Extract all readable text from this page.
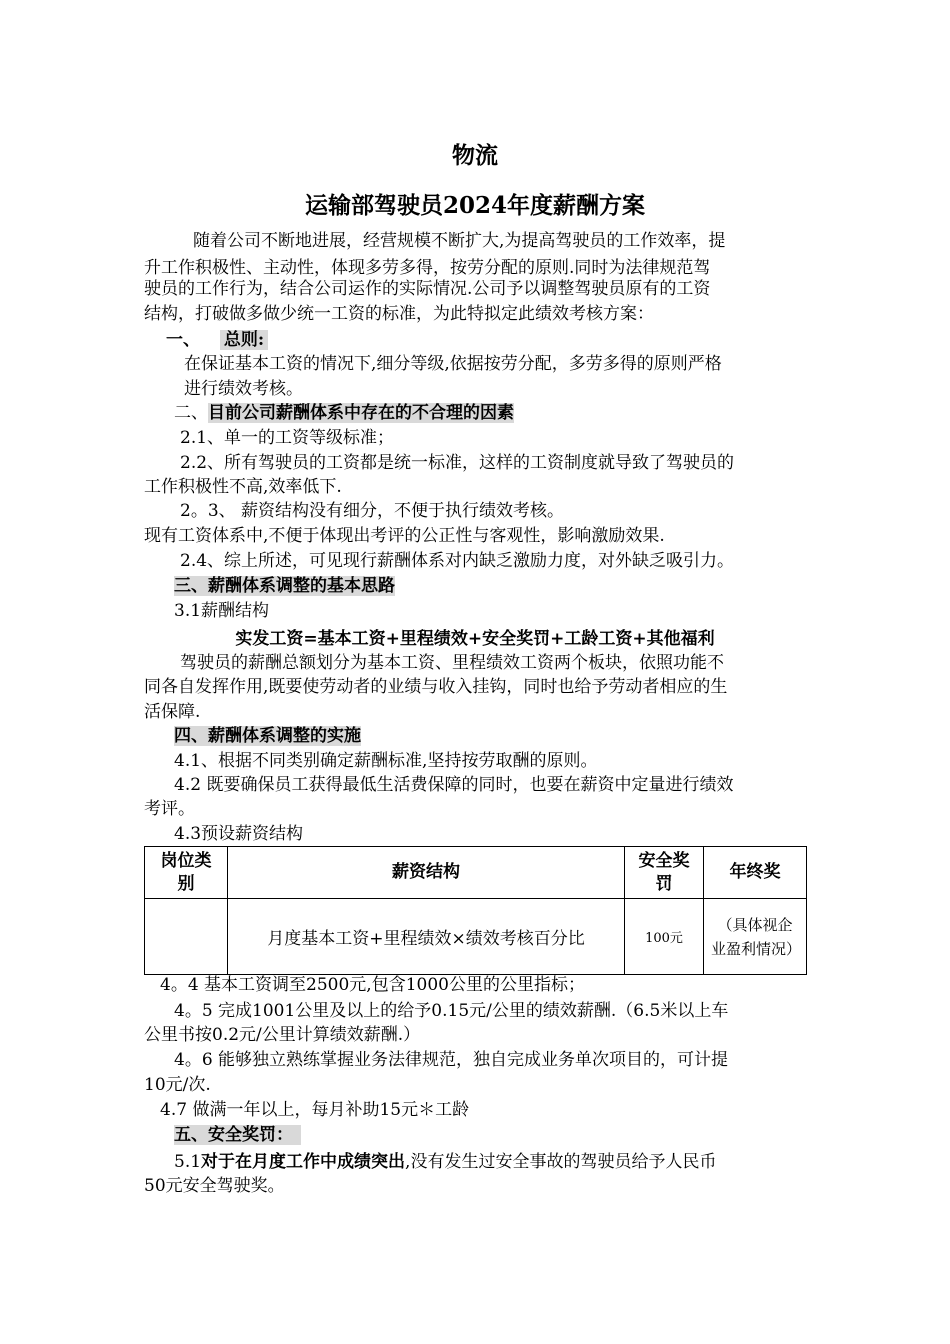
物流
运输部驾驶员2024年度薪酬方案

随着公司不断地进展，经营规模不断扩大,为提高驾驶员的工作效率，提

升工作积极性、主动性，体现多劳多得，按劳分配的原则.同时为法律规范驾

驶员的工作行为，结合公司运作的实际情况.公司予以调整驾驶员原有的工资

结构，打破做多做少统一工资的标准，为此特拟定此绩效考核方案：

一、 总则:

在保证基本工资的情况下,细分等级,依据按劳分配，多劳多得的原则严格

进行绩效考核。

二、目前公司薪酬体系中存在的不合理的因素

2.1、单一的工资等级标准；

2.2、所有驾驶员的工资都是统一标准，这样的工资制度就导致了驾驶员的

工作积极性不高,效率低下.

2。3、 薪资结构没有细分，不便于执行绩效考核。

现有工资体系中,不便于体现出考评的公正性与客观性，影响激励效果.

2.4、综上所述，可见现行薪酬体系对内缺乏激励力度，对外缺乏吸引力。

三、薪酬体系调整的基本思路

3.1薪酬结构

实发工资=基本工资+里程绩效+安全奖罚+工龄工资+其他福利

驾驶员的薪酬总额划分为基本工资、里程绩效工资两个板块，依照功能不

同各自发挥作用,既要使劳动者的业绩与收入挂钩，同时也给予劳动者相应的生

活保障.

四、薪酬体系调整的实施

4.1、根据不同类别确定薪酬标准,坚持按劳取酬的原则。

4.2 既要确保员工获得最低生活费保障的同时，也要在薪资中定量进行绩效

考评。

4.3预设薪资结构

岗位类别	薪资结构	安全奖罚	年终奖
	月度基本工资+里程绩效×绩效考核百分比	100元	（具体视企业盈利情况）

4。4 基本工资调至2500元,包含1000公里的公里指标；

4。5 完成1001公里及以上的给予0.15元/公里的绩效薪酬.（6.5米以上车

公里书按0.2元/公里计算绩效薪酬.）

4。6 能够独立熟练掌握业务法律规范，独自完成业务单次项目的，可计提

10元/次.

4.7 做满一年以上，每月补助15元＊工龄

五、安全奖罚：

5.1对于在月度工作中成绩突出,没有发生过安全事故的驾驶员给予人民币

50元安全驾驶奖。
